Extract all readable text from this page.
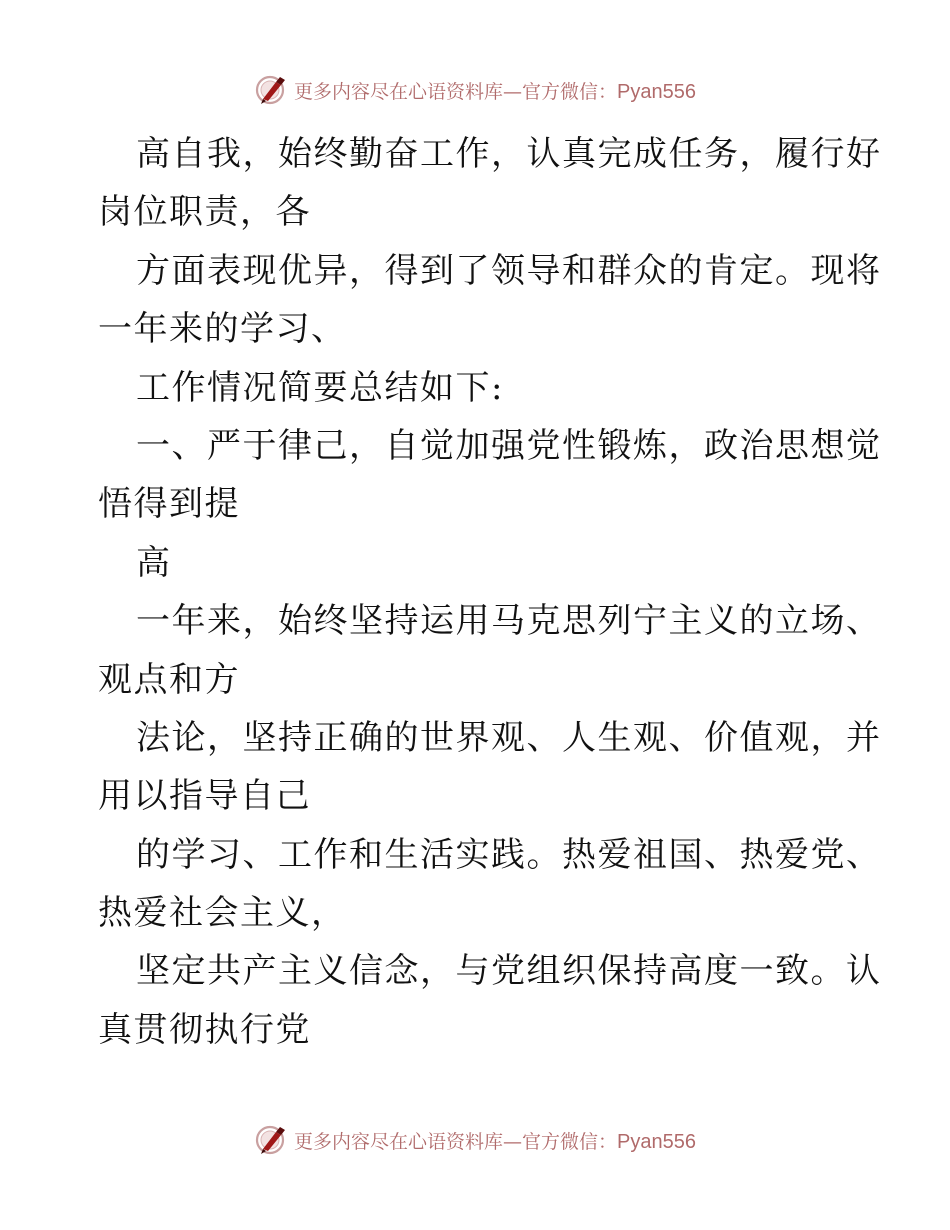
更多内容尽在心语资料库—官方微信：Pyan556
高自我，始终勤奋工作，认真完成任务，履行好
岗位职责，各
方面表现优异，得到了领导和群众的肯定。现将
一年来的学习、
工作情况简要总结如下:
一、严于律己，自觉加强党性锻炼，政治思想觉
悟得到提
高
一年来，始终坚持运用马克思列宁主义的立场、
观点和方
法论，坚持正确的世界观、人生观、价值观，并
用以指导自己
的学习、工作和生活实践。热爱祖国、热爱党、
热爱社会主义，
坚定共产主义信念，与党组织保持高度一致。认
真贯彻执行党
更多内容尽在心语资料库—官方微信：Pyan556
